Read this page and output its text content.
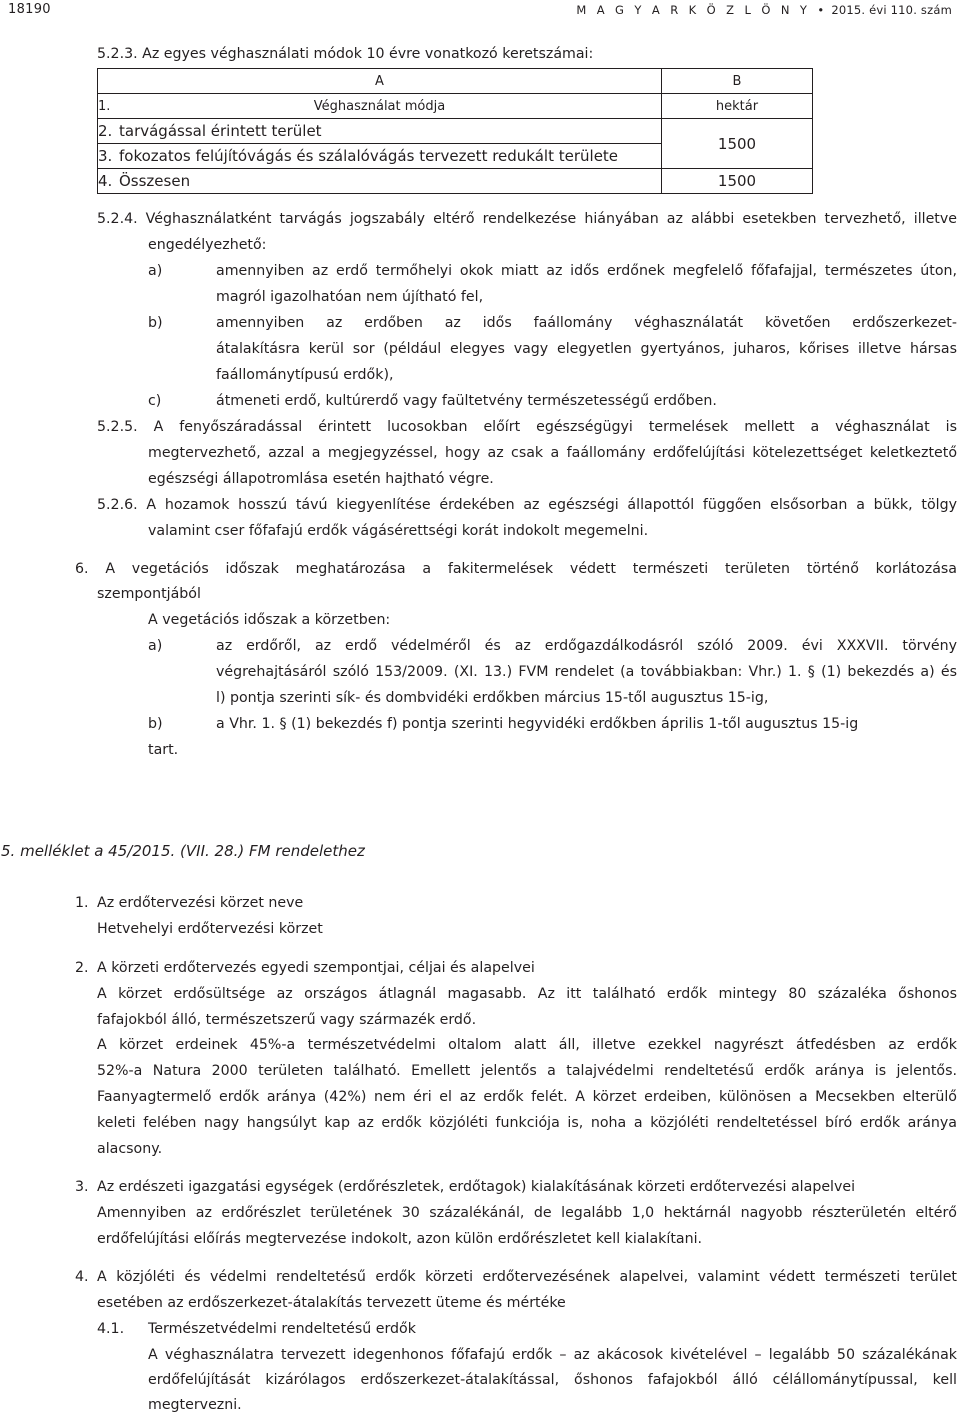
18190	M A G Y A R K Ö Z L Ö N Y • 2015. évi 110. szám
5.2.3. Az egyes véghasználati módok 10 évre vonatkozó keretszámai:
A	B

1. Véghasználat módja	hektár

2. tarvágással érintett terület	1500

3. fokozatos felújítóvágás és szálalóvágás tervezett redukált területe	

4. Összesen	1500
5.2.4. Véghasználatként tarvágás jogszabály eltérő rendelkezése hiányában az alábbi esetekben tervezhető, illetve
engedélyezhető:
a)	amennyiben az erdő termőhelyi okok miatt az idős erdőnek megfelelő főfafajjal, természetes úton,
magról igazolhatóan nem újítható fel,
b)	amennyiben az erdőben az idős faállomány véghasználatát követően erdőszerkezet-
átalakításra kerül sor (például elegyes vagy elegyetlen gyertyános, juharos, kőrises illetve hársas
faállománytípusú erdők),
c)	átmeneti erdő, kultúrerdő vagy faültetvény természetességű erdőben.
5.2.5. A fenyőszáradással érintett lucosokban előírt egészségügyi termelések mellett a véghasználat is
megtervezhető, azzal a megjegyzéssel, hogy az csak a faállomány erdőfelújítási kötelezettséget keletkeztető
egészségi állapotromlása esetén hajtható végre.
5.2.6. A hozamok hosszú távú kiegyenlítése érdekében az egészségi állapottól függően elsősorban a bükk, tölgy
valamint cser főfafajú erdők vágásérettségi korát indokolt megemelni.
6. A vegetációs időszak meghatározása a fakitermelések védett természeti területen történő korlátozása
szempontjából
A vegetációs időszak a körzetben:
a)	az erdőről, az erdő védelméről és az erdőgazdálkodásról szóló 2009. évi XXXVII. törvény
végrehajtásáról szóló 153/2009. (XI. 13.) FVM rendelet (a továbbiakban: Vhr.) 1. § (1) bekezdés a) és
l) pontja szerinti sík- és dombvidéki erdőkben március 15-től augusztus 15-ig,
b)	a Vhr. 1. § (1) bekezdés f) pontja szerinti hegyvidéki erdőkben április 1-től augusztus 15-ig
tart.
5. melléklet a 45/2015. (VII. 28.) FM rendelethez
1. Az erdőtervezési körzet neve
Hetvehelyi erdőtervezési körzet
2. A körzeti erdőtervezés egyedi szempontjai, céljai és alapelvei
A körzet erdősültsége az országos átlagnál magasabb. Az itt található erdők mintegy 80 százaléka őshonos
fafajokból álló, természetszerű vagy származék erdő.
A körzet erdeinek 45%-a természetvédelmi oltalom alatt áll, illetve ezekkel nagyrészt átfedésben az erdők
52%-a Natura 2000 területen található. Emellett jelentős a talajvédelmi rendeltetésű erdők aránya is jelentős.
Faanyagtermelő erdők aránya (42%) nem éri el az erdők felét. A körzet erdeiben, különösen a Mecsekben elterülő
keleti felében nagy hangsúlyt kap az erdők közjóléti funkciója is, noha a közjóléti rendeltetéssel bíró erdők aránya
alacsony.
3. Az erdészeti igazgatási egységek (erdőrészletek, erdőtagok) kialakításának körzeti erdőtervezési alapelvei
Amennyiben az erdőrészlet területének 30 százalékánál, de legalább 1,0 hektárnál nagyobb részterületén eltérő
erdőfelújítási előírás megtervezése indokolt, azon külön erdőrészletet kell kialakítani.
4. A közjóléti és védelmi rendeltetésű erdők körzeti erdőtervezésének alapelvei, valamint védett természeti terület
esetében az erdőszerkezet-átalakítás tervezett üteme és mértéke
4.1. Természetvédelmi rendeltetésű erdők
A véghasználatra tervezett idegenhonos főfafajú erdők – az akácosok kivételével – legalább 50 százalékának
erdőfelújítását kizárólagos erdőszerkezet-átalakítással, őshonos fafajokból álló célállománytípussal, kell
megtervezni.
